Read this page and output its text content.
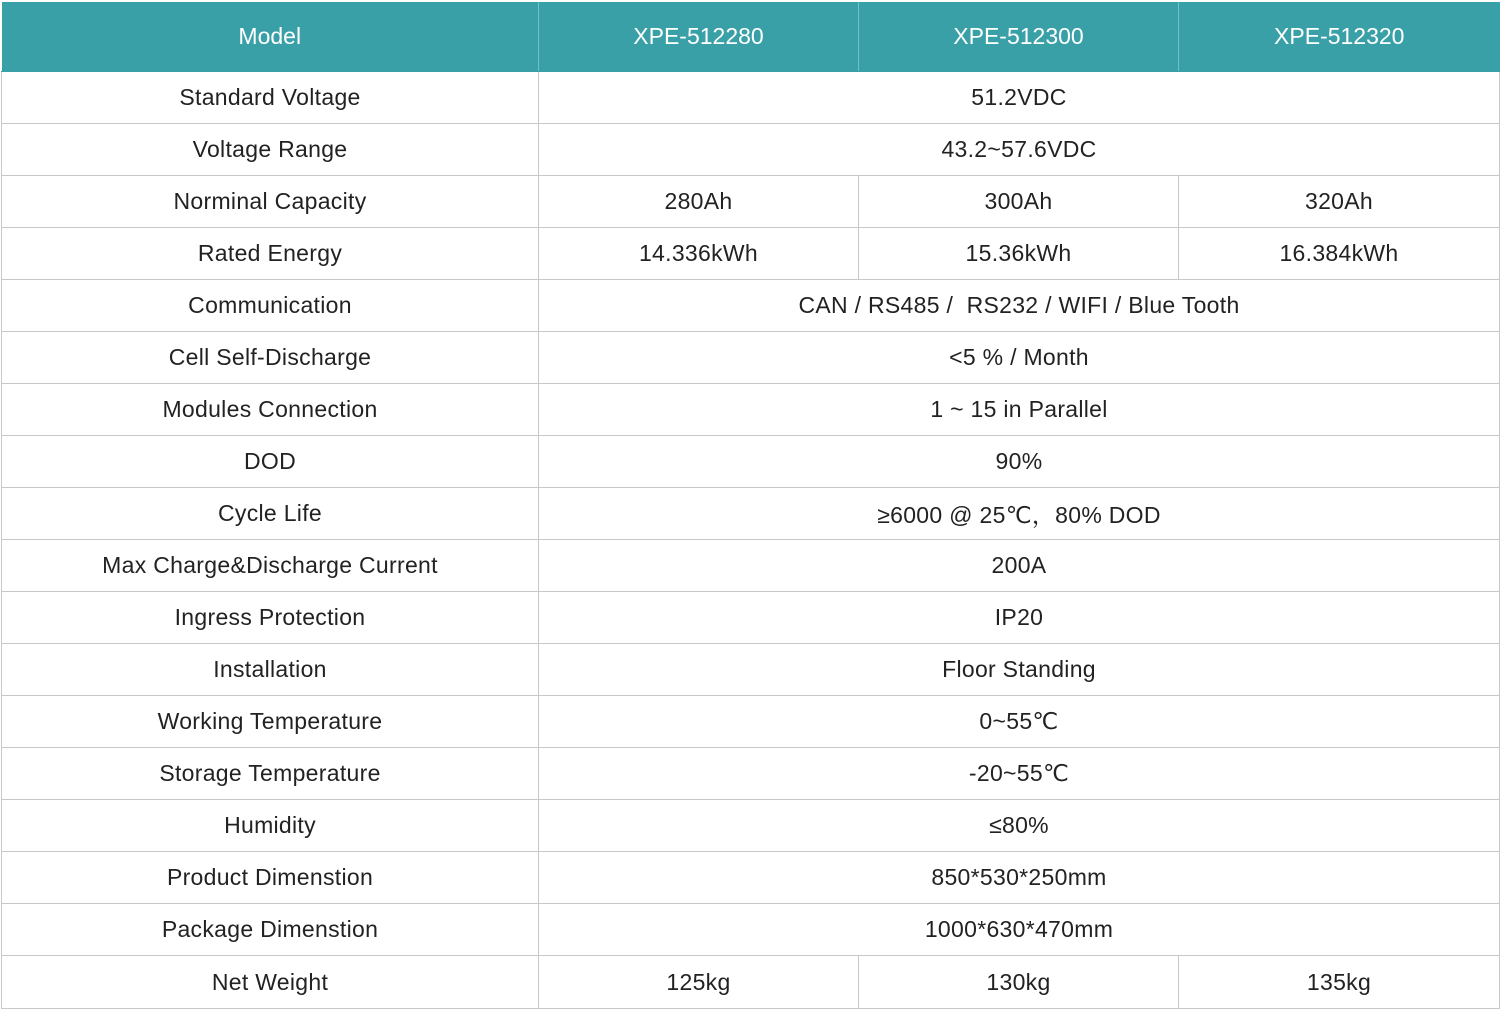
Model	XPE-512280	XPE-512300	XPE-512320
Standard Voltage	51.2VDC		
Voltage Range	43.2~57.6VDC		
Norminal Capacity	280Ah	300Ah	320Ah
Rated Energy	14.336kWh	15.36kWh	16.384kWh
Communication	CAN / RS485 /  RS232 / WIFI / Blue Tooth		
Cell Self-Discharge	<5 % / Month		
Modules Connection	1 ~ 15 in Parallel		
DOD	90%		
Cycle Life	≥6000 @ 25℃，80% DOD		
Max Charge&Discharge Current	200A		
Ingress Protection	IP20		
Installation	Floor Standing		
Working Temperature	0~55℃		
Storage Temperature	-20~55℃		
Humidity	≤80%		
Product Dimenstion	850*530*250mm		
Package Dimenstion	1000*630*470mm		
Net Weight	125kg	130kg	135kg
